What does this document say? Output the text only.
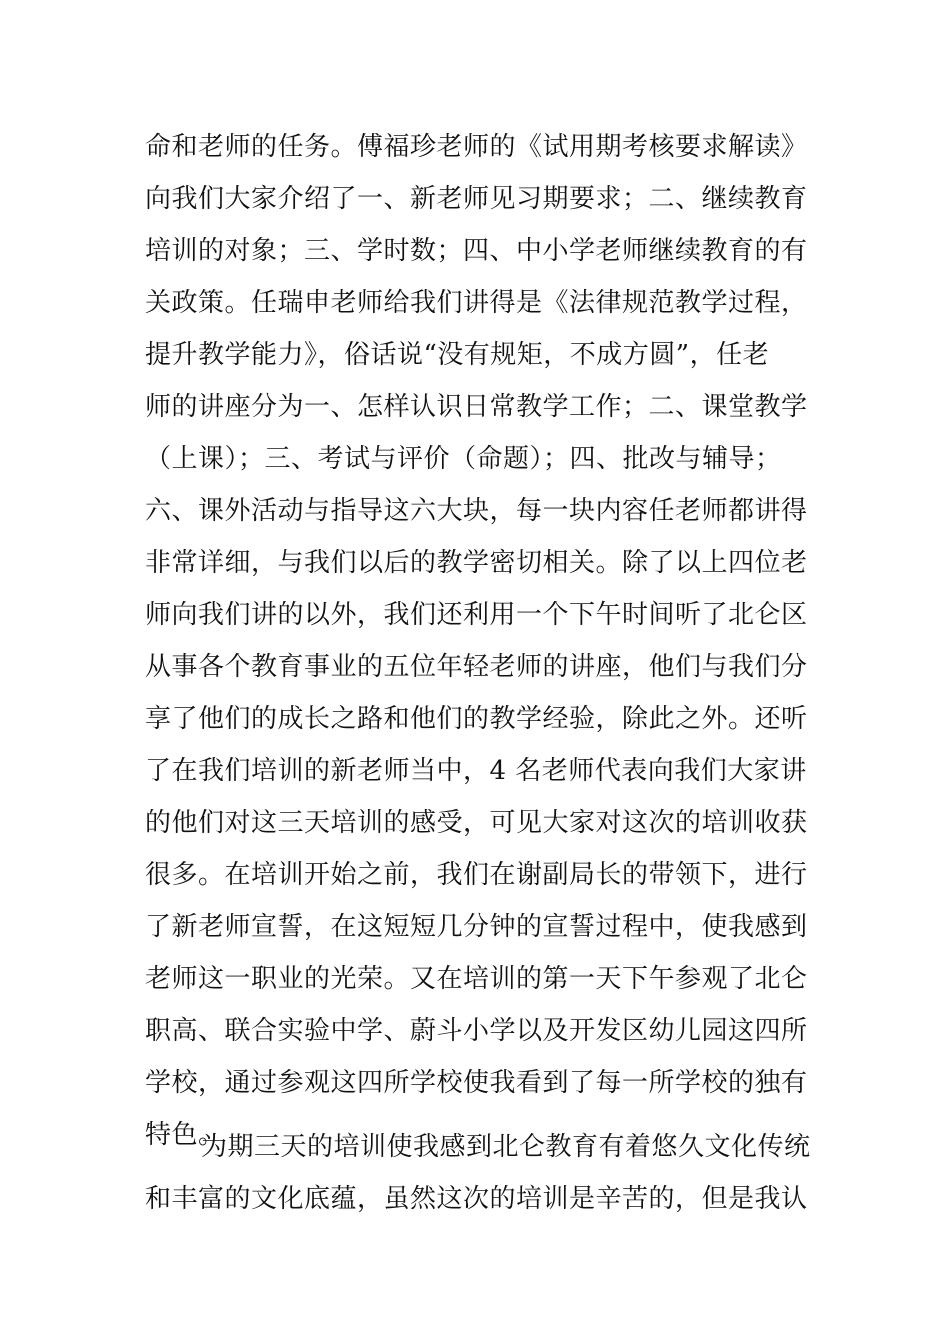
命和老师的任务。傅福珍老师的《试用期考核要求解读》
向我们大家介绍了一、新老师见习期要求；二、继续教育
培训的对象；三、学时数；四、中小学老师继续教育的有
关政策。任瑞申老师给我们讲得是《法律规范教学过程，
提升教学能力》，俗话说“没有规矩，不成方圆”，任老
师的讲座分为一、怎样认识日常教学工作；二、课堂教学
（上课）；三、考试与评价（命题）；四、批改与辅导；
六、课外活动与指导这六大块，每一块内容任老师都讲得
非常详细，与我们以后的教学密切相关。除了以上四位老
师向我们讲的以外，我们还利用一个下午时间听了北仑区
从事各个教育事业的五位年轻老师的讲座，他们与我们分
享了他们的成长之路和他们的教学经验，除此之外。还听
了在我们培训的新老师当中，4 名老师代表向我们大家讲
的他们对这三天培训的感受，可见大家对这次的培训收获
很多。在培训开始之前，我们在谢副局长的带领下，进行
了新老师宣誓，在这短短几分钟的宣誓过程中，使我感到
老师这一职业的光荣。又在培训的第一天下午参观了北仑
职高、联合实验中学、蔚斗小学以及开发区幼儿园这四所
学校，通过参观这四所学校使我看到了每一所学校的独有
特色。
为期三天的培训使我感到北仑教育有着悠久文化传统
和丰富的文化底蕴，虽然这次的培训是辛苦的，但是我认
